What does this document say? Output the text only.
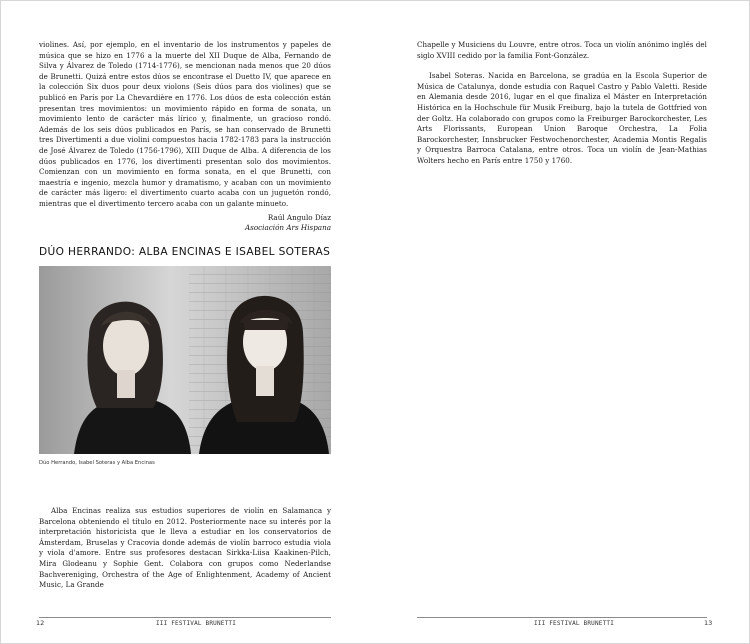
violines. Así, por ejemplo, en el inventario de los instrumentos y papeles de música que se hizo en 1776 a la muerte del XII Duque de Alba, Fernando de Silva y Álvarez de Toledo (1714-1776), se mencionan nada menos que 20 dúos de Brunetti. Quizá entre estos dúos se encontrase el Duetto IV, que aparece en la colección Six duos pour deux violons (Seis dúos para dos violines) que se publicó en París por La Chevardière en 1776. Los dúos de esta colección están presentan tres movimientos: un movimiento rápido en forma de sonata, un movimiento lento de carácter más lírico y, finalmente, un gracioso rondó. Además de los seis dúos publicados en París, se han conservado de Brunetti tres Divertimenti a due violini compuestos hacia 1782-1783 para la instrucción de José Álvarez de Toledo (1756-1796), XIII Duque de Alba. A diferencia de los dúos publicados en 1776, los divertimenti presentan solo dos movimientos. Comienzan con un movimiento en forma sonata, en el que Brunetti, con maestría e ingenio, mezcla humor y dramatismo, y acaban con un movimiento de carácter más ligero: el divertimento cuarto acaba con un juguetón rondó, mientras que el divertimento tercero acaba con un galante minueto.

Raúl Angulo Díaz
Asociación Ars Hispana
DÚO HERRANDO: ALBA ENCINAS E ISABEL SOTERAS

Dúo Herrando, Isabel Soteras y Alba Encinas

Alba Encinas realiza sus estudios superiores de violín en Salamanca y Barcelona obteniendo el título en 2012. Posteriormente nace su interés por la interpretación historicista que le lleva a estudiar en los conservatorios de Ámsterdam, Bruselas y Cracovia donde además de violín barroco estudia viola y viola d'amore. Entre sus profesores destacan Sirkka-Liisa Kaakinen-Pilch, Mira Glodeanu y Sophie Gent. Colabora con grupos como Nederlandse Bachvereniging, Orchestra of the Age of Enlightenment, Academy of Ancient Music, La Grande

Chapelle y Musiciens du Louvre, entre otros. Toca un violín anónimo inglés del siglo XVIII cedido por la familia Font-González.

Isabel Soteras. Nacida en Barcelona, se gradúa en la Escola Superior de Música de Catalunya, donde estudia con Raquel Castro y Pablo Valetti. Reside en Alemania desde 2016, lugar en el que finaliza el Máster en Interpretación Histórica en la Hochschule für Musik Freiburg, bajo la tutela de Gottfried von der Goltz. Ha colaborado con grupos como la Freiburger Barockorchester, Les Arts Florissants, European Union Baroque Orchestra, La Folia Barockorchester, Innsbrucker Festwochenorchester, Academia Montis Regalis y Orquestra Barroca Catalana, entre otros. Toca un violín de Jean-Mathias Wolters hecho en París entre 1750 y 1760.

12	III FESTIVAL BRUNETTI	III FESTIVAL BRUNETTI	13
